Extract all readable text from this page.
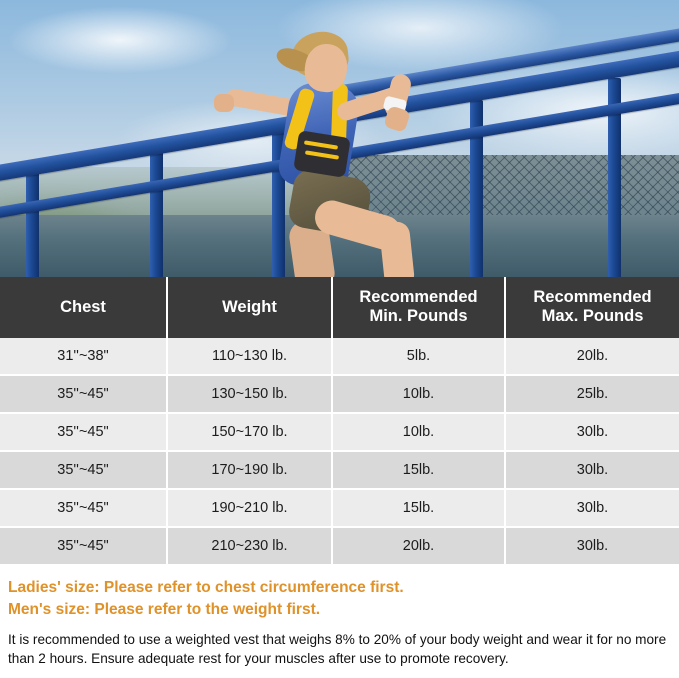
Chest	Weight	Recommended
Min. Pounds	Recommended
Max. Pounds
31''~38"	110~130 lb.	5lb.	20lb.
35''~45"	130~150 lb.	10lb.	25lb.
35''~45"	150~170 lb.	10lb.	30lb.
35''~45"	170~190 lb.	15lb.	30lb.
35''~45"	190~210 lb.	15lb.	30lb.
35''~45"	210~230 lb.	20lb.	30lb.

Ladies' size: Please refer to chest circumference first.

Men's size: Please refer to the weight first.

It is recommended to use a weighted vest that weighs 8% to 20% of your body weight and wear it for no more than 2 hours. Ensure adequate rest for your muscles after use to promote recovery.
